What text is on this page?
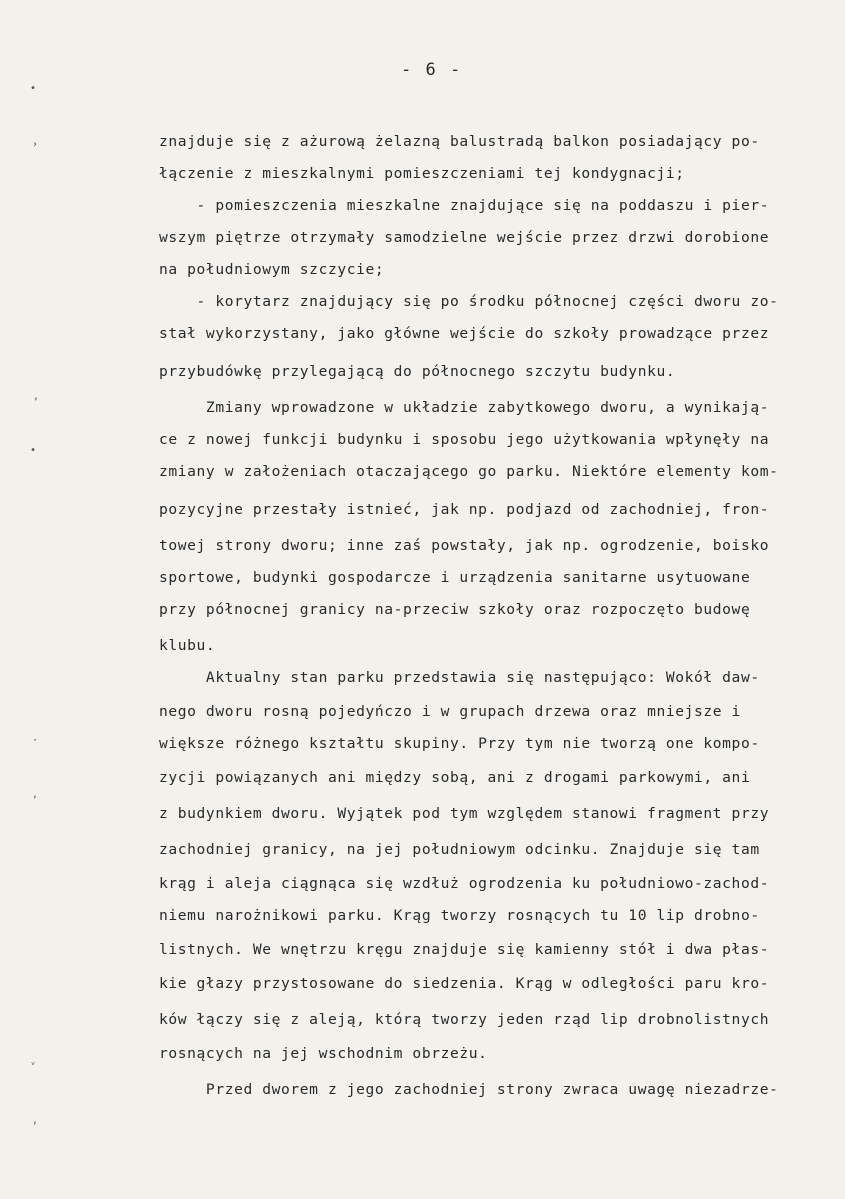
- 6 -
znajduje się z ażurową żelazną balustradą balkon posiadający po-
łączenie z mieszkalnymi pomieszczeniami tej kondygnacji;
- pomieszczenia mieszkalne znajdujące się na poddaszu i pier-
wszym piętrze otrzymały samodzielne wejście przez drzwi dorobione
na południowym szczycie;
- korytarz znajdujący się po środku północnej części dworu zo-
stał wykorzystany, jako główne wejście do szkoły prowadzące przez
przybudówkę przylegającą do północnego szczytu budynku.
Zmiany wprowadzone w układzie zabytkowego dworu, a wynikają-
ce z nowej funkcji budynku i sposobu jego użytkowania wpłynęły na
zmiany w założeniach otaczającego go parku. Niektóre elementy kom-
pozycyjne przestały istnieć, jak np. podjazd od zachodniej, fron-
towej strony dworu; inne zaś powstały, jak np. ogrodzenie, boisko
sportowe, budynki gospodarcze i urządzenia sanitarne usytuowane
przy północnej granicy na-przeciw szkoły oraz rozpoczęto budowę
klubu.
Aktualny stan parku przedstawia się następująco: Wokół daw-
nego dworu rosną pojedyńczo i w grupach drzewa oraz mniejsze i
większe różnego kształtu skupiny. Przy tym nie tworzą one kompo-
zycji powiązanych ani między sobą, ani z drogami parkowymi, ani
z budynkiem dworu. Wyjątek pod tym względem stanowi fragment przy
zachodniej granicy, na jej południowym odcinku. Znajduje się tam
krąg i aleja ciągnąca się wzdłuż ogrodzenia ku południowo-zachod-
niemu narożnikowi parku. Krąg tworzy rosnących tu 10 lip drobno-
listnych. We wnętrzu kręgu znajduje się kamienny stół i dwa płas-
kie głazy przystosowane do siedzenia. Krąg w odległości paru kro-
ków łączy się z aleją, którą tworzy jeden rząd lip drobnolistnych
rosnących na jej wschodnim obrzeżu.
Przed dworem z jego zachodniej strony zwraca uwagę niezadrze-
•
›
‚
•
·
‚
ᵥ
‚
